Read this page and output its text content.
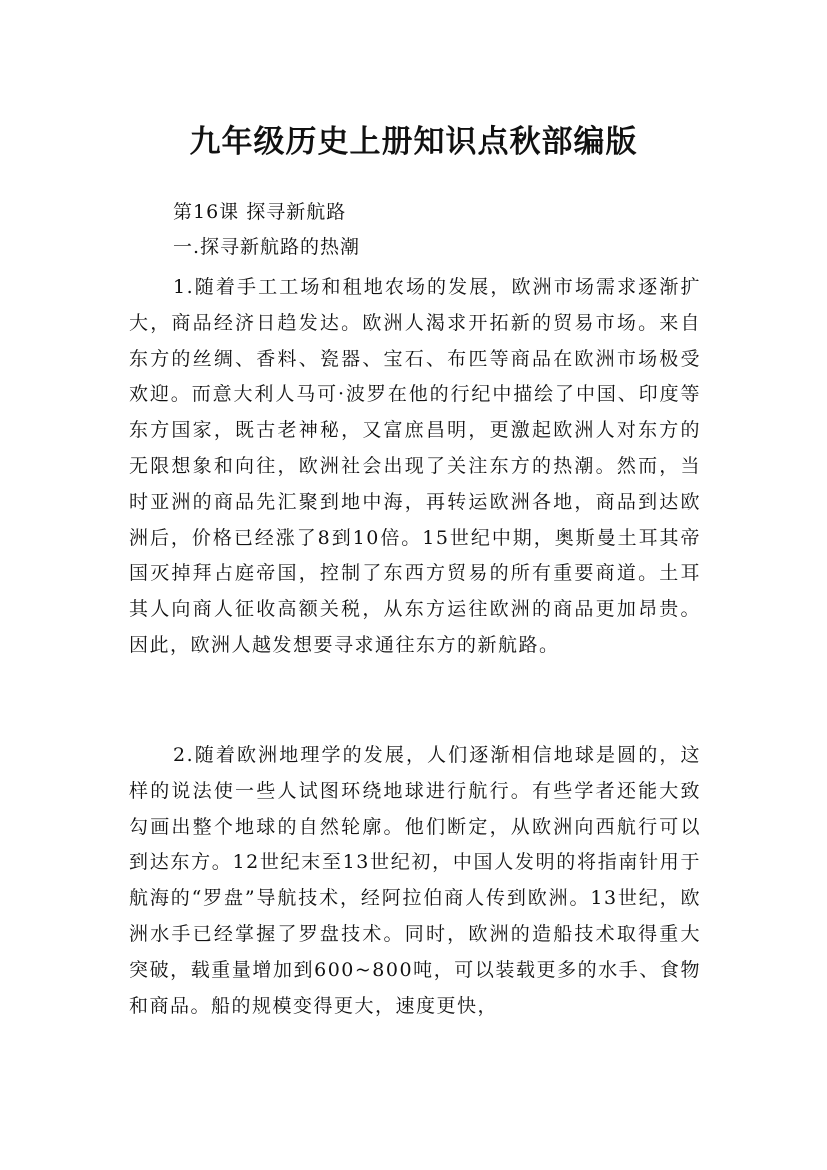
九年级历史上册知识点秋部编版
第16课 探寻新航路
一.探寻新航路的热潮

1.随着手工工场和租地农场的发展，欧洲市场需求逐渐扩大，商品经济日趋发达。欧洲人渴求开拓新的贸易市场。来自东方的丝绸、香料、瓷器、宝石、布匹等商品在欧洲市场极受欢迎。而意大利人马可·波罗在他的行纪中描绘了中国、印度等东方国家，既古老神秘，又富庶昌明，更激起欧洲人对东方的无限想象和向往，欧洲社会出现了关注东方的热潮。然而，当时亚洲的商品先汇聚到地中海，再转运欧洲各地，商品到达欧洲后，价格已经涨了8到10倍。15世纪中期，奥斯曼土耳其帝国灭掉拜占庭帝国，控制了东西方贸易的所有重要商道。土耳其人向商人征收高额关税，从东方运往欧洲的商品更加昂贵。因此，欧洲人越发想要寻求通往东方的新航路。

2.随着欧洲地理学的发展，人们逐渐相信地球是圆的，这样的说法使一些人试图环绕地球进行航行。有些学者还能大致勾画出整个地球的自然轮廓。他们断定，从欧洲向西航行可以到达东方。12世纪末至13世纪初，中国人发明的将指南针用于航海的“罗盘”导航技术，经阿拉伯商人传到欧洲。13世纪，欧洲水手已经掌握了罗盘技术。同时，欧洲的造船技术取得重大突破，载重量增加到600~800吨，可以装载更多的水手、食物和商品。船的规模变得更大，速度更快，
